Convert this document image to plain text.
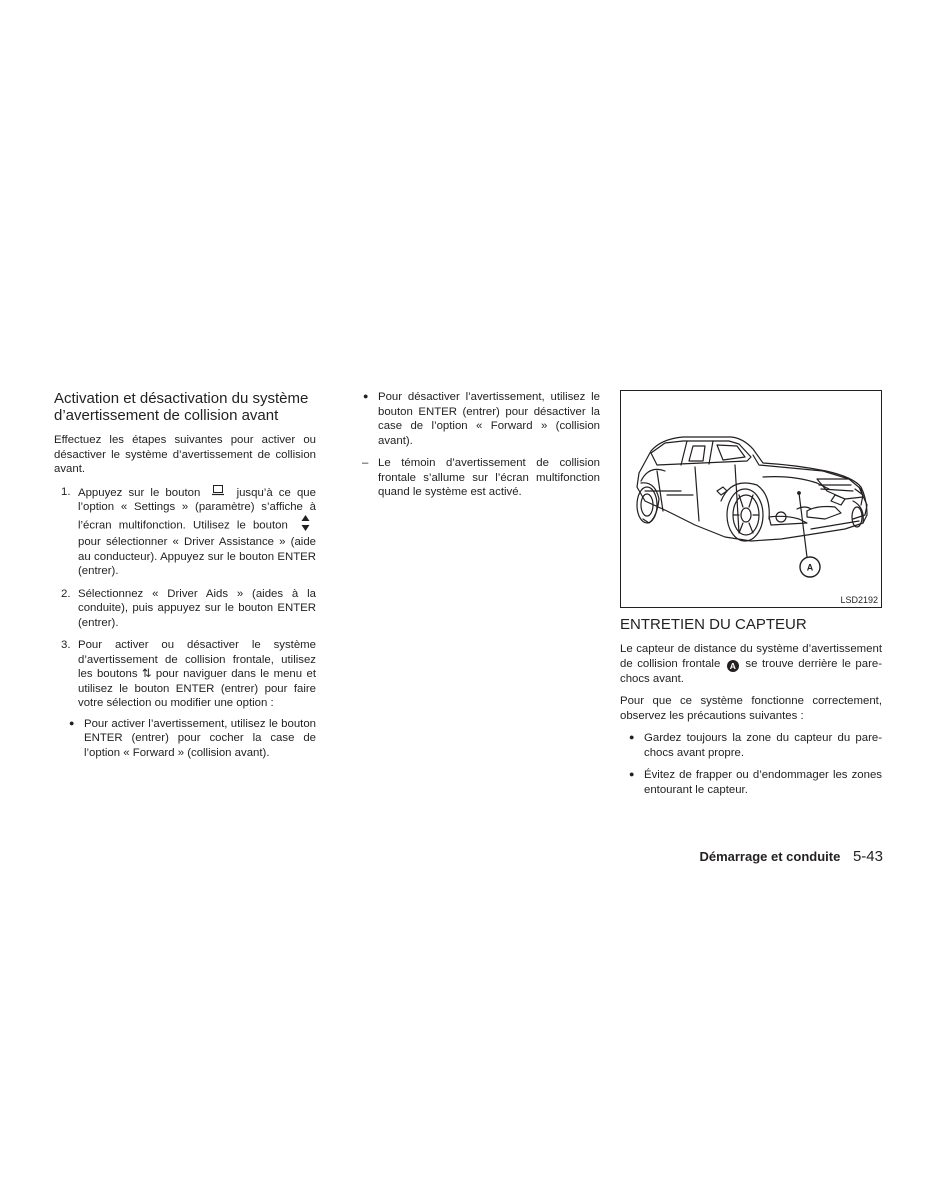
Activation et désactivation du système d’avertissement de collision avant

Effectuez les étapes suivantes pour activer ou désactiver le système d’avertissement de collision avant.

1. Appuyez sur le bouton	jusqu’à ce que l’option « Settings » (paramètre) s’affiche à l’écran multifonction. Utilisez le bouton  pour sélectionner « Driver Assistance » (aide au conducteur). Appuyez sur le bouton ENTER (entrer).
2. Sélectionnez « Driver Aids » (aides à la conduite), puis appuyez sur le bouton ENTER (entrer).
3. Pour activer ou désactiver le système d’avertissement de collision frontale, utilisez les boutons ⇅ pour naviguer dans le menu et utilisez le bouton ENTER (entrer) pour faire votre sélection ou modifier une option :
● Pour activer l’avertissement, utilisez le bouton ENTER (entrer) pour cocher la case de l’option « Forward » (collision avant).
● Pour désactiver l’avertissement, utilisez le bouton ENTER (entrer) pour désactiver la case de l’option « Forward » (collision avant).
– Le témoin d’avertissement de collision frontale s’allume sur l’écran multifonction quand le système est activé.
A
LSD2192
ENTRETIEN DU CAPTEUR

Le capteur de distance du système d’avertissement de collision frontale A se trouve derrière le pare-chocs avant.

Pour que ce système fonctionne correctement, observez les précautions suivantes :

● Gardez toujours la zone du capteur du pare-chocs avant propre.
● Évitez de frapper ou d’endommager les zones entourant le capteur.
Démarrage et conduite 5-43
